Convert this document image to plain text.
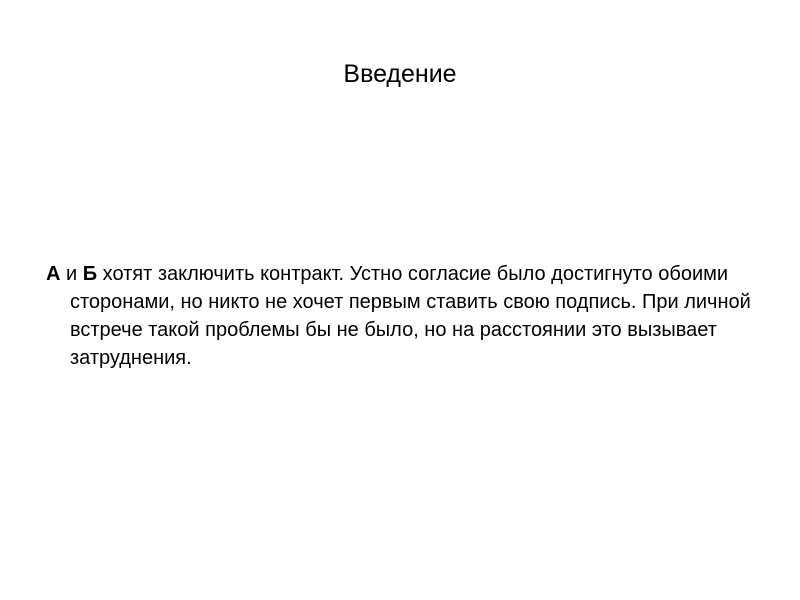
Введение

А и Б хотят заключить контракт. Устно согласие было достигнуто обоими сторонами, но никто не хочет первым ставить свою подпись. При личной встрече такой проблемы бы не было, но на расстоянии это вызывает затруднения.
